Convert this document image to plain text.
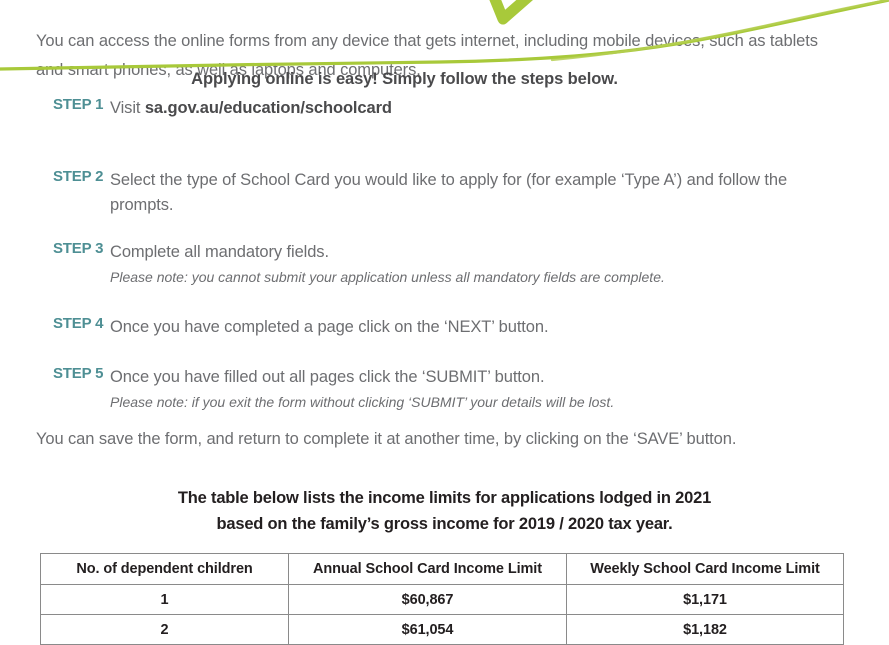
You can access the online forms from any device that gets internet, including mobile devices, such as tablets and smart phones, as well as laptops and computers.

Applying online is easy! Simply follow the steps below.
STEP 1 Visit sa.gov.au/education/schoolcard
STEP 2 Select the type of School Card you would like to apply for (for example ‘Type A’) and follow the prompts.
STEP 3 Complete all mandatory fields.
Please note: you cannot submit your application unless all mandatory fields are complete.
STEP 4 Once you have completed a page click on the ‘NEXT’ button.
STEP 5 Once you have filled out all pages click the ‘SUBMIT’ button.
Please note: if you exit the form without clicking ‘SUBMIT’ your details will be lost.

You can save the form, and return to complete it at another time, by clicking on the ‘SAVE’ button.

The table below lists the income limits for applications lodged in 2021
based on the family’s gross income for 2019 / 2020 tax year.
No. of dependent children	Annual School Card Income Limit	Weekly School Card Income Limit
1	$60,867	$1,171
2	$61,054	$1,182
